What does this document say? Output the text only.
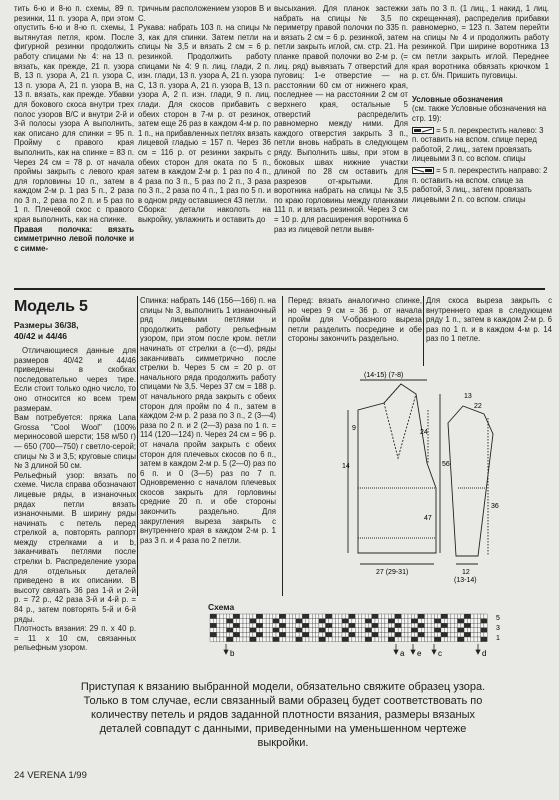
тить 6-ю и 8-ю п. схемы, 89 п. резинки, 11 п. узора А, при этом опустить 6-ю и 8-ю п. схемы, 1 вытянутая петля, кром. После фигурной резинки продолжить работу спицами № 4: на 13 п. вязать, как прежде, 21 п. узора В, 13 п. узора А, 21 п. узора С, 13 п. узора А, 21 п. узора В, на 13 п. вязать, как прежде. Убавки для бокового скоса внутри трех полос узоров В/С и внутри 2-й и 3-й полосы узора А выполнить, как описано для спинки = 95 п. Пройму с правого края выполнить, как на спинке = 83 п. Через 24 см = 78 р. от начала проймы закрыть с левого края для горловины 10 п., затем в каждом 2-м р. 1 раз 5 п., 2 раза по 3 п., 2 раза по 2 п. и 5 раз по 1 п. Плечевой скос с правого края выполнить, как на спинке.

Правая полочка: вязать симметрично левой полочке и с симме-

тричным расположением узоров В и С.

Рукава: набрать 103 п. на спицы № 3, как для спинки. Затем петли на спицы № 3,5 и вязать 2 см = 6 р. резинкой. Продолжить работу спицами № 4: 9 п. лиц. глади, 2 п. изн. глади, 13 п. узора А, 21 п. узора С, 13 п. узора А, 21 п. узора В, 13 п. узора А, 2 п. изн. глади, 9 п. лиц. глади. Для скосов прибавить с обеих сторон в 7-м р. от резинок, затем еще 26 раз в каждом 4-м р. по 1 п., на прибавленных петлях вязать лицевой гладью = 157 п. Через 36 см = 116 р. от резинки закрыть с обеих сторон для оката по 5 п., затем в каждом 2-м р. 1 раз по 4 п., 4 раза по 3 п., 5 раз по 2 п., 3 раза по 3 п., 2 раза по 4 п., 1 раз по 5 п. и в одном ряду оставшиеся 43 петли.

Сборка: детали наколоть на выкройку, увлажнить и оставить до

высыхания. Для планок застежки набрать на спицы № 3,5 по периметру правой полочки по 335 п. и вязать 2 см = 6 р. резинкой, затем петли закрыть иглой, см. стр. 21. На планке правой полочки во 2-м р. (= лиц. ряд) вывязать 7 отверстий для пуговиц: 1-е отверстие — на расстоянии 60 см от нижнего края, последнее — на расстоянии 2 см от верхнего края, остальные 5 отверстий распределить равномерно между ними. Для каждого отверстия закрыть 3 п., петли вновь набрать в следующем ряду. Выполнить швы, при этом в боковых швах нижние участки длиной по 28 см оставить для разрезов от-крытыми. Для воротника набрать на спицы № 3,5 по краю горловины между планками 111 п. и вязать резинкой. Через 3 см = 10 р. для расширения воротника 6 раз из лицевой петли вывя-

зать по 3 п. (1 лиц., 1 накид, 1 лиц. скрещенная), распределив прибавки равномерно, = 123 п. Затем перейти на спицы № 4 и продолжить работу резинкой. При ширине воротника 13 см петли закрыть иглой. Переднее края воротника обвязать крючком 1 р. ст. б/н. Пришить пуговицы.

Условные обозначения

(см. также Условные обозначения на стр. 19):

= 5 п. перекрестить налево: 3 п. оставить на вспом. спице перед работой, 2 лиц., затем провязать лицевыми 3 п. со вспом. спицы

= 5 п. перекрестить направо: 2 п. оставить на вспом. спице за работой, 3 лиц., затем провязать лицевыми 2 п. со вспом. спицы

Модель 5
Размеры 36/38,
40/42 и 44/46

Отличающиеся данные для размеров 40/42 и 44/46 приведены в скобках последовательно через тире. Если стоит только одно число, то оно относится ко всем трем размерам.

Вам потребуется: пряжа Lana Grossa "Cool Wool" (100% мериносовой шерсти; 158 м/50 г) — 650 (700—750) г светло-серой; спицы № 3 и 3,5; круговые спицы № 3 длиной 50 см.

Рельефный узор: вязать по схеме. Числа справа обозначают лицевые ряды, в изнаночных рядах петли вязать изнаночными. В ширину ряды начинать с петель перед стрелкой а, повторять раппорт между стрелками а и b, заканчивать петлями после стрелки b. Распределение узора для отдельных деталей приведено в их описании. В высоту связать 36 раз 1-й и 2-й р. = 72 р., 42 раза 3-й и 4-й р. = 84 р., затем повторять 5-й и 6-й ряды.

Плотность вязания: 29 п. х 40 р. = 11 х 10 см, связанных рельефным узором.

Спинка: набрать 146 (156—166) п. на спицы № 3, выполнить 1 изнаночный ряд лицевыми петлями и продолжить работу рельефным узором, при этом после кром. петли начинать от стрелки а (с—d), ряды заканчивать симметрично после стрелки b. Через 5 см = 20 р. от начального ряда продолжить работу спицами № 3,5. Через 37 см = 188 р. от начального ряда закрыть с обеих сторон для пройм по 4 п., затем в каждом 2-м р. 2 раза по 3 п., 2 (3—4) раза по 2 п. и 2 (2—3) раза по 1 п. = 114 (120—124) п. Через 24 см = 96 р. от начала пройм закрыть с обеих сторон для плечевых скосов по 6 п., затем в каждом 2-м р. 5 (2—0) раз по 6 п. и 0 (3—5) раз по 7 п. Одновременно с началом плечевых скосов закрыть для горловины средние 20 п. и обе стороны закончить раздельно. Для закругления выреза закрыть с внутреннего края в каждом 2-м р. 1 раз 3 п. и 4 раза по 2 петли.

Перед: вязать аналогично спинке, но через 9 см = 36 р. от начала пройм для V-образного выреза петли разделить посредине и обе стороны закончить раздельно.

Для скоса выреза закрыть с внутреннего края в следующем ряду 1 п., затем в каждом 2-м р. 6 раз по 1 п. и в каждом 4-м р. 14 раз по 1 петле.

(14-15) (7-8)
13
14	56
24
47
9
36
27 (29-31)	12
(13-14)
22
Схема
5
3
1
b	a e c	d
Приступая к вязанию выбранной модели, обязательно свяжите образец узора. Только в том случае, если связанный вами образец будет соответствовать по количеству петель и рядов заданной плотности вязания, размеры вязаных деталей совпадут с данными, приведенными на уменьшенном чертеже выкройки.
24 VERENA 1/99
